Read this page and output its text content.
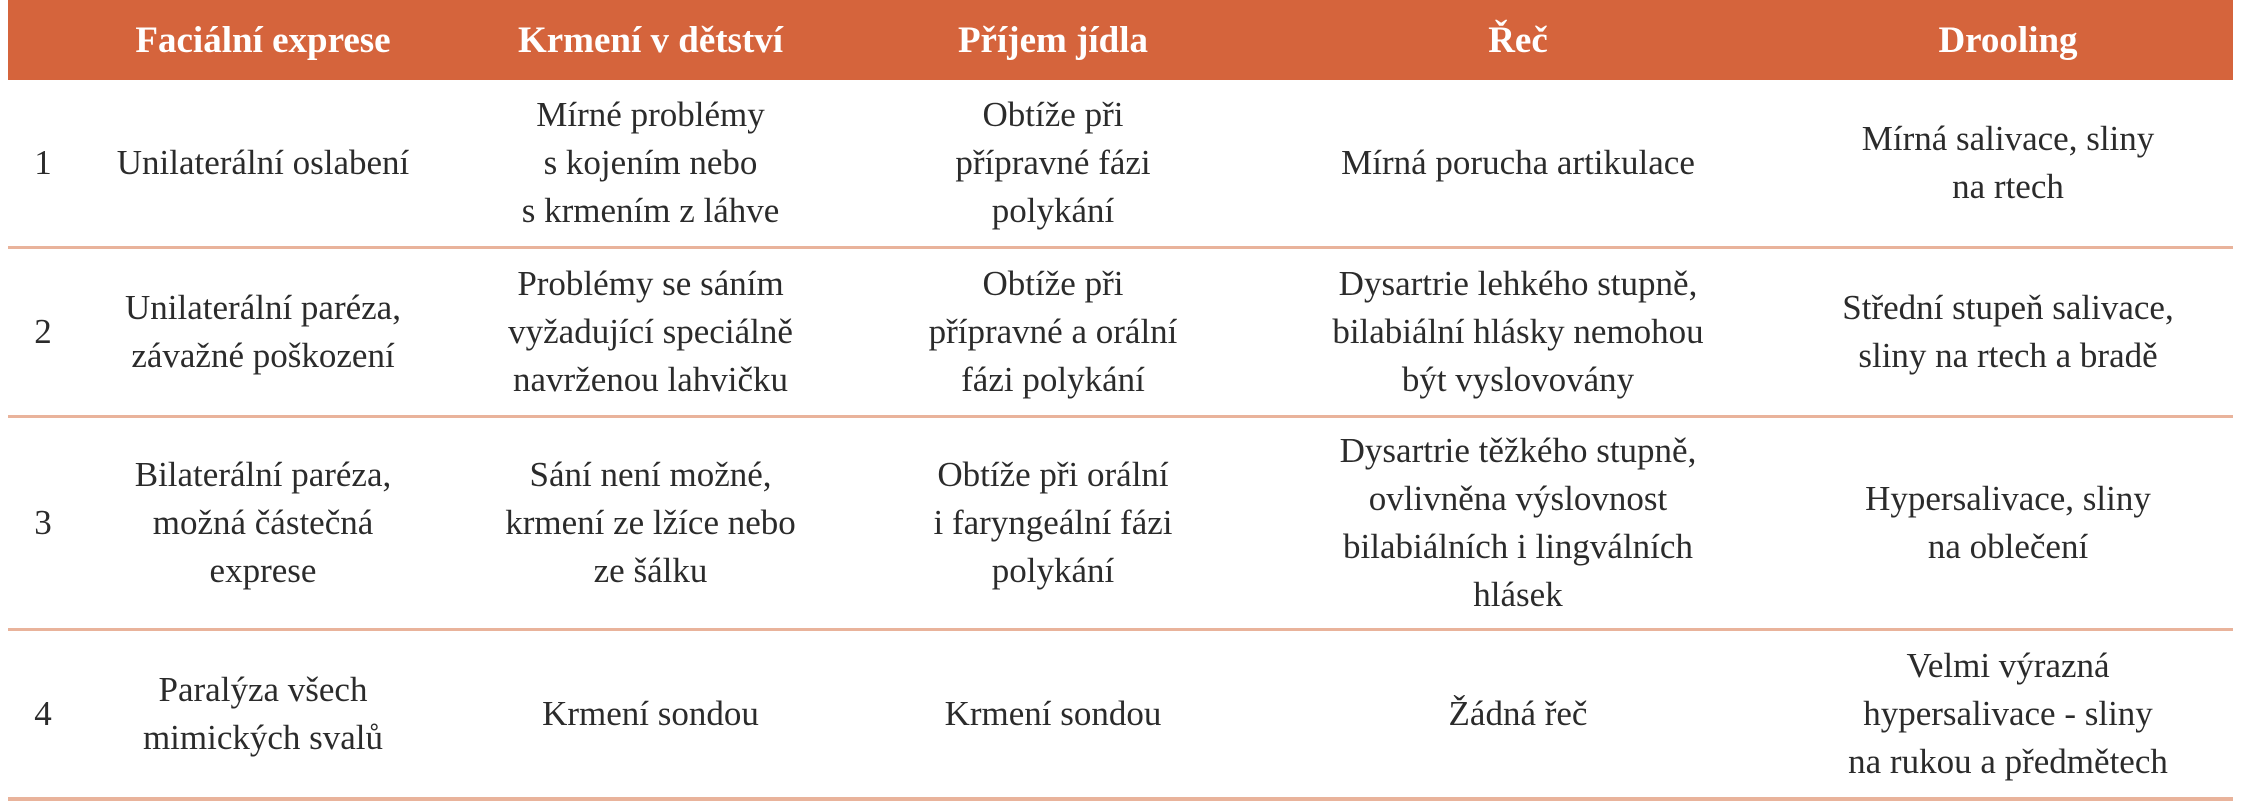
	Faciální exprese	Krmení v dětství	Příjem jídla	Řeč	Drooling
1	Unilaterální oslabení	Mírné problémy
s kojením nebo
s krmením z láhve	Obtíže při
přípravné fázi
polykání	Mírná porucha artikulace	Mírná salivace, sliny
na rtech

2	Unilaterální paréza,
závažné poškození	Problémy se sáním
vyžadující speciálně
navrženou lahvičku	Obtíže při
přípravné a orální
fázi polykání	Dysartrie lehkého stupně,
bilabiální hlásky nemohou
být vyslovovány	Střední stupeň salivace,
sliny na rtech a bradě

3	Bilaterální paréza,
možná částečná
exprese	Sání není možné,
krmení ze lžíce nebo
ze šálku	Obtíže při orální
i faryngeální fázi
polykání	Dysartrie těžkého stupně,
ovlivněna výslovnost
bilabiálních i lingválních
hlásek	Hypersalivace, sliny
na oblečení

4	Paralýza všech
mimických svalů	Krmení sondou	Krmení sondou	Žádná řeč	Velmi výrazná
hypersalivace - sliny
na rukou a předmětech
